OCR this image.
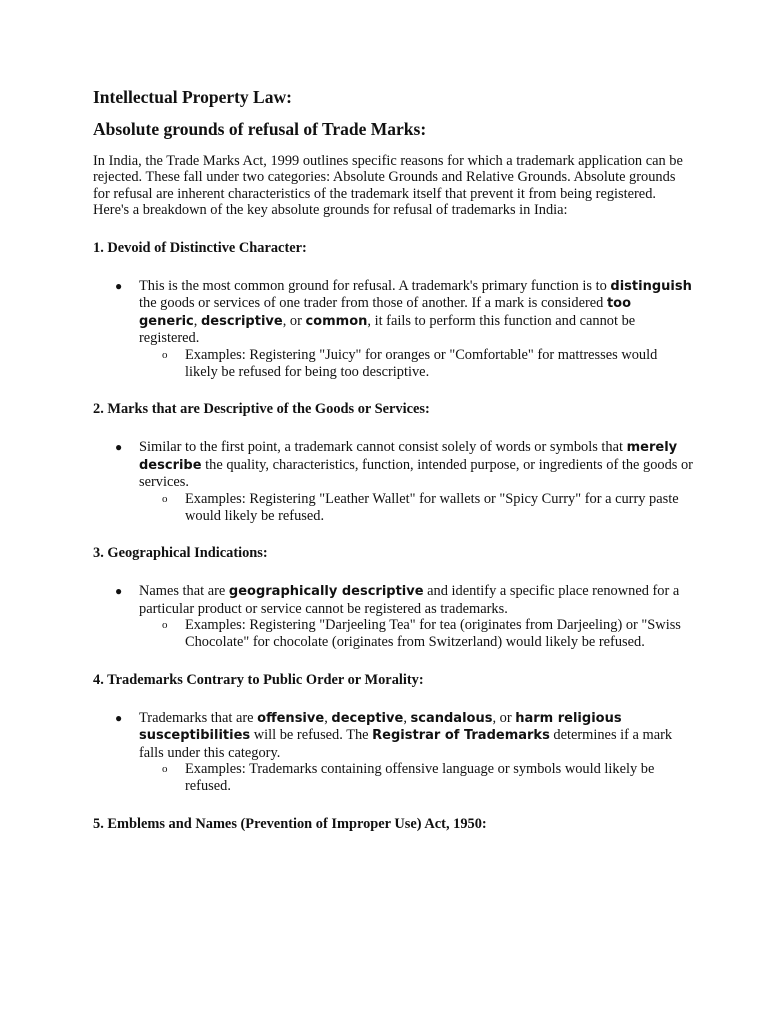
Intellectual Property Law:
Absolute grounds of refusal of Trade Marks:

In India, the Trade Marks Act, 1999 outlines specific reasons for which a trademark application can be rejected. These fall under two categories: Absolute Grounds and Relative Grounds. Absolute grounds for refusal are inherent characteristics of the trademark itself that prevent it from being registered. Here's a breakdown of the key absolute grounds for refusal of trademarks in India:

1. Devoid of Distinctive Character:
● This is the most common ground for refusal. A trademark's primary function is to distinguish the goods or services of one trader from those of another. If a mark is considered too generic, descriptive, or common, it fails to perform this function and cannot be registered.
o Examples: Registering "Juicy" for oranges or "Comfortable" for mattresses would likely be refused for being too descriptive.
2. Marks that are Descriptive of the Goods or Services:
● Similar to the first point, a trademark cannot consist solely of words or symbols that merely describe the quality, characteristics, function, intended purpose, or ingredients of the goods or services.
o Examples: Registering "Leather Wallet" for wallets or "Spicy Curry" for a curry paste would likely be refused.
3. Geographical Indications:
● Names that are geographically descriptive and identify a specific place renowned for a particular product or service cannot be registered as trademarks.
o Examples: Registering "Darjeeling Tea" for tea (originates from Darjeeling) or "Swiss Chocolate" for chocolate (originates from Switzerland) would likely be refused.
4. Trademarks Contrary to Public Order or Morality:
● Trademarks that are offensive, deceptive, scandalous, or harm religious susceptibilities will be refused. The Registrar of Trademarks determines if a mark falls under this category.
o Examples: Trademarks containing offensive language or symbols would likely be refused.
5. Emblems and Names (Prevention of Improper Use) Act, 1950:
